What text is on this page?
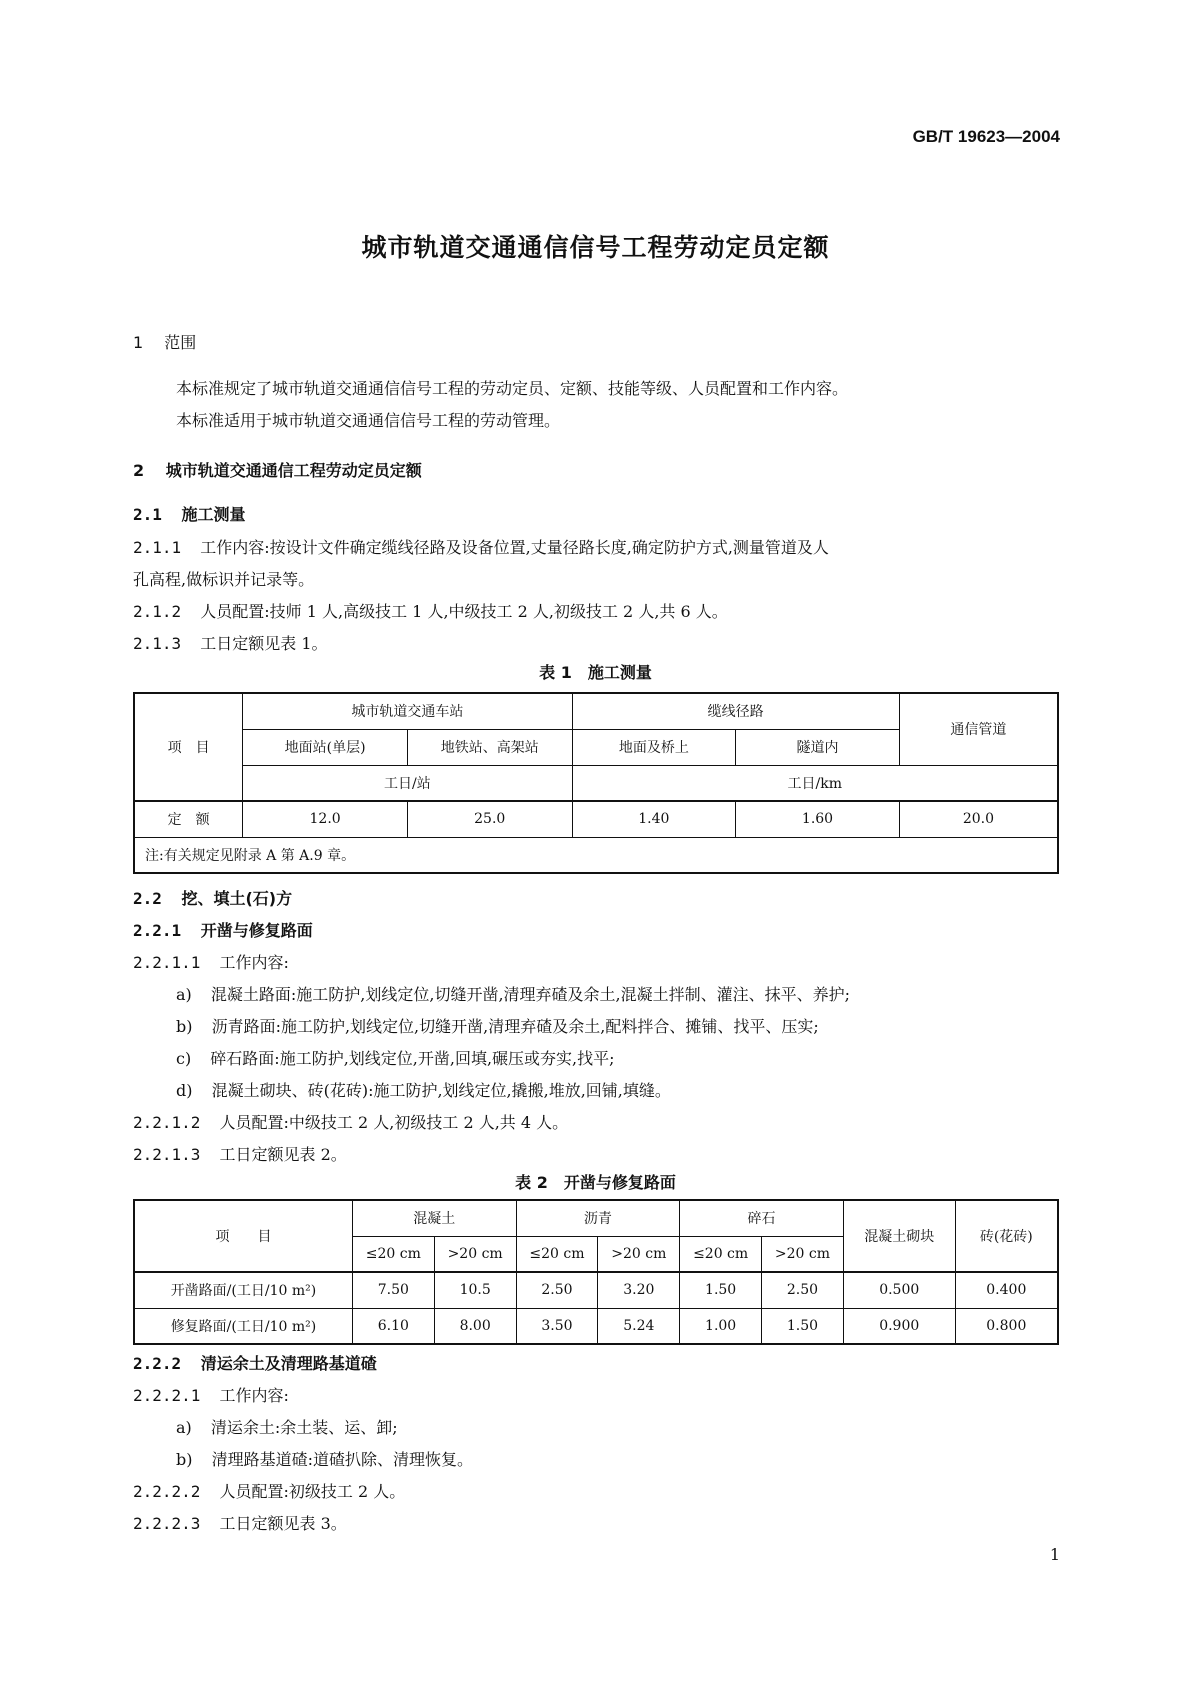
GB/T 19623—2004
城市轨道交通通信信号工程劳动定员定额
1 范围
本标准规定了城市轨道交通通信信号工程的劳动定员、定额、技能等级、人员配置和工作内容。
本标准适用于城市轨道交通通信信号工程的劳动管理。
2 城市轨道交通通信工程劳动定员定额
2.1 施工测量
2.1.1 工作内容:按设计文件确定缆线径路及设备位置,丈量径路长度,确定防护方式,测量管道及人
孔高程,做标识并记录等。
2.1.2 人员配置:技师 1 人,高级技工 1 人,中级技工 2 人,初级技工 2 人,共 6 人。
2.1.3 工日定额见表 1。
表 1　施工测量
项　目	城市轨道交通车站		缆线径路		通信管道
	地面站(单层)	地铁站、高架站	地面及桥上	隧道内	
	工日/站		工日/km		
定　额	12.0	25.0	1.40	1.60	20.0
注:有关规定见附录 A 第 A.9 章。					
2.2 挖、填土(石)方
2.2.1 开凿与修复路面
2.2.1.1 工作内容:
a) 混凝土路面:施工防护,划线定位,切缝开凿,清理弃碴及余土,混凝土拌制、灌注、抹平、养护;
b) 沥青路面:施工防护,划线定位,切缝开凿,清理弃碴及余土,配料拌合、摊铺、找平、压实;
c) 碎石路面:施工防护,划线定位,开凿,回填,碾压或夯实,找平;
d) 混凝土砌块、砖(花砖):施工防护,划线定位,撬搬,堆放,回铺,填缝。
2.2.1.2 人员配置:中级技工 2 人,初级技工 2 人,共 4 人。
2.2.1.3 工日定额见表 2。
表 2　开凿与修复路面
项　　目	混凝土		沥青		碎石		混凝土砌块	砖(花砖)
	≤20 cm	>20 cm	≤20 cm	>20 cm	≤20 cm	>20 cm		
开凿路面/(工日/10 m²)	7.50	10.5	2.50	3.20	1.50	2.50	0.500	0.400
修复路面/(工日/10 m²)	6.10	8.00	3.50	5.24	1.00	1.50	0.900	0.800
2.2.2 清运余土及清理路基道碴
2.2.2.1 工作内容:
a) 清运余土:余土装、运、卸;
b) 清理路基道碴:道碴扒除、清理恢复。
2.2.2.2 人员配置:初级技工 2 人。
2.2.2.3 工日定额见表 3。
1
